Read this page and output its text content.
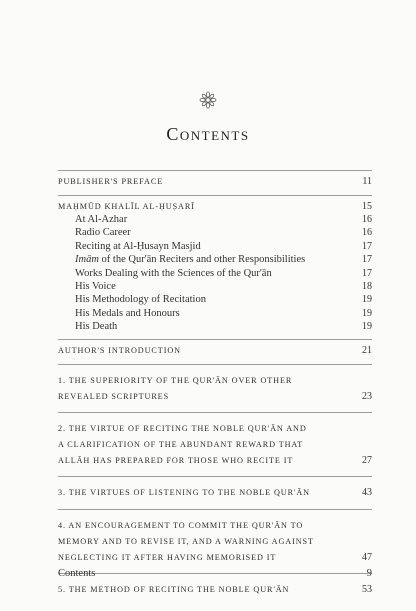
Contents
PUBLISHER'S PREFACE	11
MAḤMŪD KHALĪL AL-ḤUṢARĪ	15
At Al-Azhar	16
Radio Career	16
Reciting at Al-Ḥusayn Masjid	17
Imām of the Qur'ān Reciters and other Responsibilities	17
Works Dealing with the Sciences of the Qur'ān	17
His Voice	18
His Methodology of Recitation	19
His Medals and Honours	19
His Death	19
AUTHOR'S INTRODUCTION	21
1. THE SUPERIORITY OF THE QUR'ĀN OVER OTHER
REVEALED SCRIPTURES	23
2. THE VIRTUE OF RECITING THE NOBLE QUR'ĀN AND
A CLARIFICATION OF THE ABUNDANT REWARD THAT
ALLĀH HAS PREPARED FOR THOSE WHO RECITE IT	27
3. THE VIRTUES OF LISTENING TO THE NOBLE QUR'ĀN	43
4. AN ENCOURAGEMENT TO COMMIT THE QUR'ĀN TO
MEMORY AND TO REVISE IT, AND A WARNING AGAINST
NEGLECTING IT AFTER HAVING MEMORISED IT	47
5. THE METHOD OF RECITING THE NOBLE QUR'ĀN	53
Contents	9
